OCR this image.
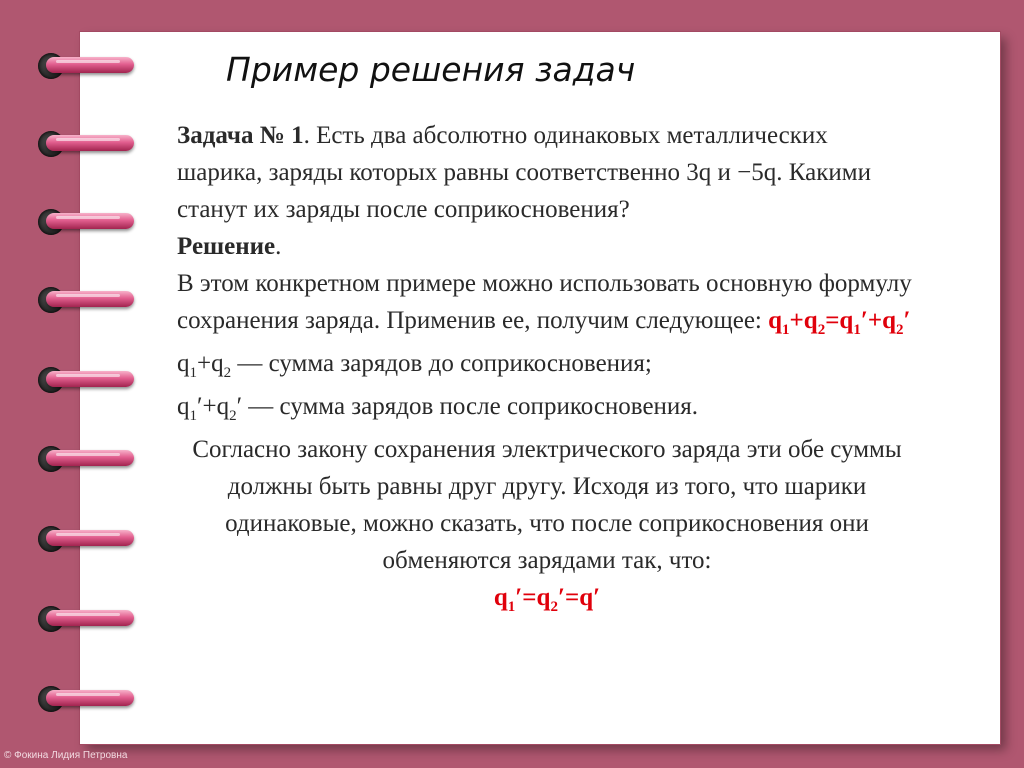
Пример решения задач

Задача № 1. Есть два абсолютно одинаковых металлических шарика, заряды которых равны соответственно 3q и −5q. Какими станут их заряды после соприкосновения?

Решение.

В этом конкретном примере можно использовать основную формулу сохранения заряда. Применив ее, получим следующее: $q_1+q_2=q_1'+q_2'$

$q_1+q_2$ — сумма зарядов до соприкосновения;

$q_1'+q_2'$ — сумма зарядов после соприкосновения.

Согласно закону сохранения электрического заряда эти обе суммы должны быть равны друг другу. Исходя из того, что шарики одинаковые, можно сказать, что после соприкосновения они обменяются зарядами так, что:

$q_1'=q_2'=q'$

© Фокина Лидия Петровна
